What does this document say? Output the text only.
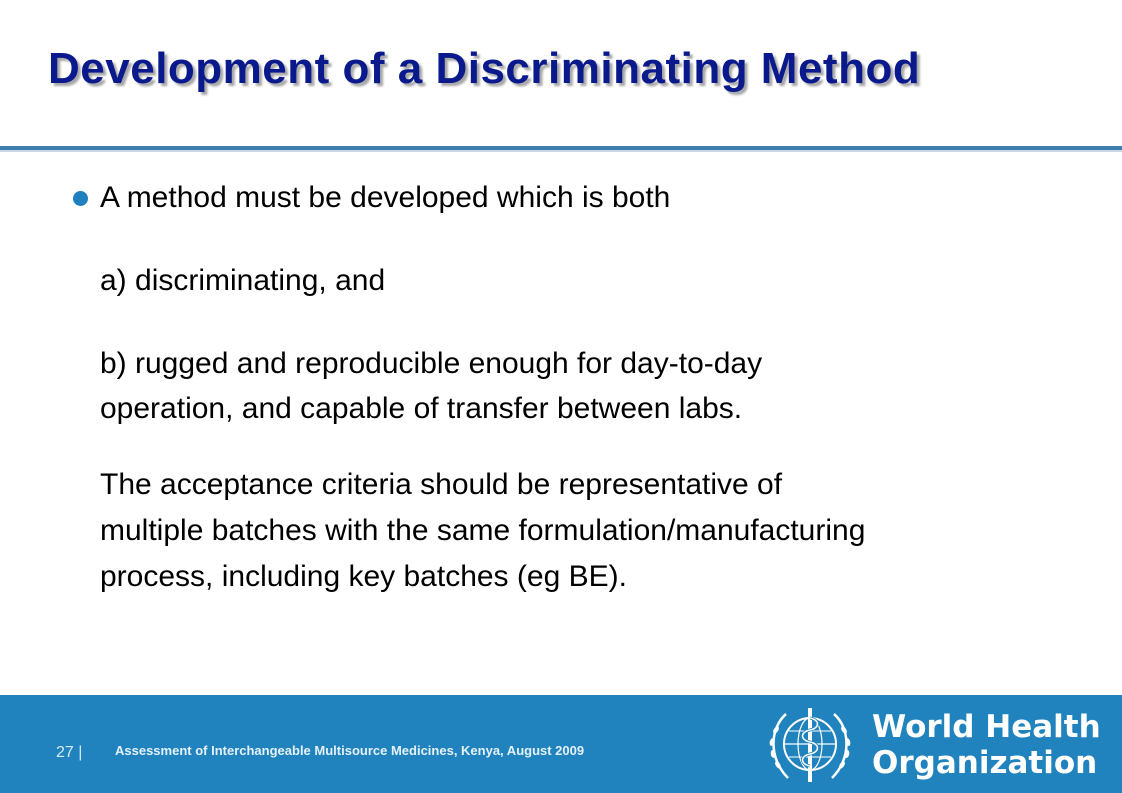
Development of a Discriminating Method
A method must be developed which is both
a) discriminating, and
b) rugged and reproducible enough for day-to-day
operation, and capable of transfer between labs.
The acceptance criteria should be representative of
multiple batches with the same formulation/manufacturing
process, including key batches (eg BE).
27 |	Assessment of Interchangeable Multisource Medicines, Kenya, August 2009
World Health
Organization
